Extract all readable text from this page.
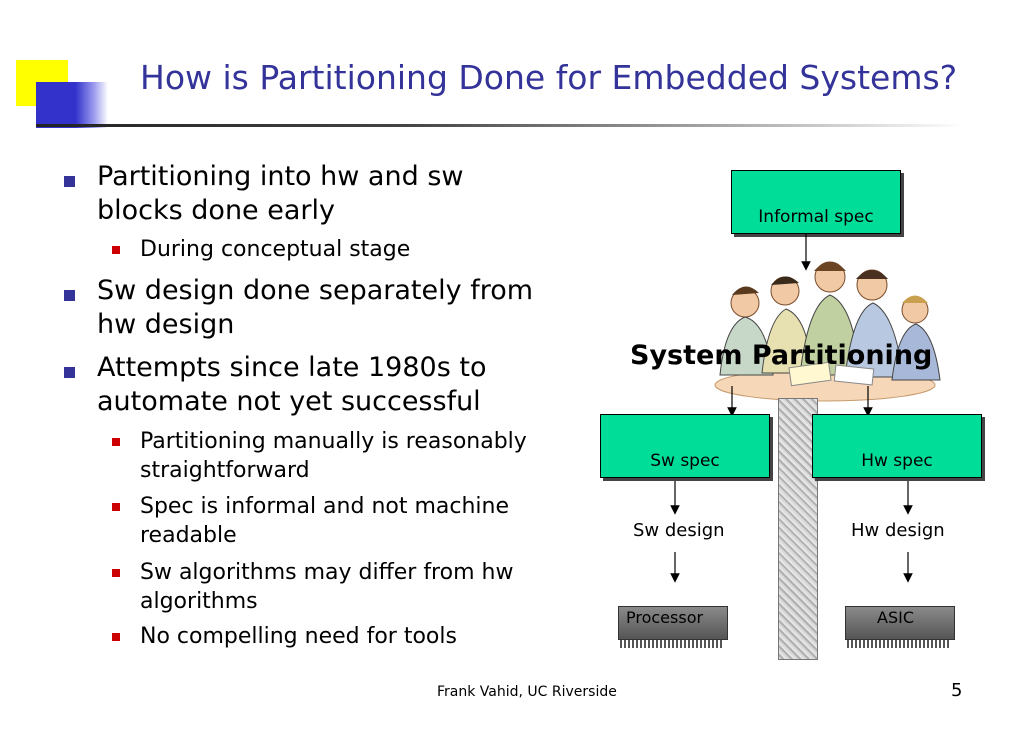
How is Partitioning Done for Embedded Systems?
Partitioning into hw and sw blocks done early
During conceptual stage
Sw design done separately from hw design
Attempts since late 1980s to automate not yet successful
Partitioning manually is reasonably straightforward
Spec is informal and not machine readable
Sw algorithms may differ from hw algorithms
No compelling need for tools
Informal spec
System Partitioning
Sw spec	Hw spec
Sw design	Hw design
Processor	ASIC
Frank Vahid, UC Riverside	5
